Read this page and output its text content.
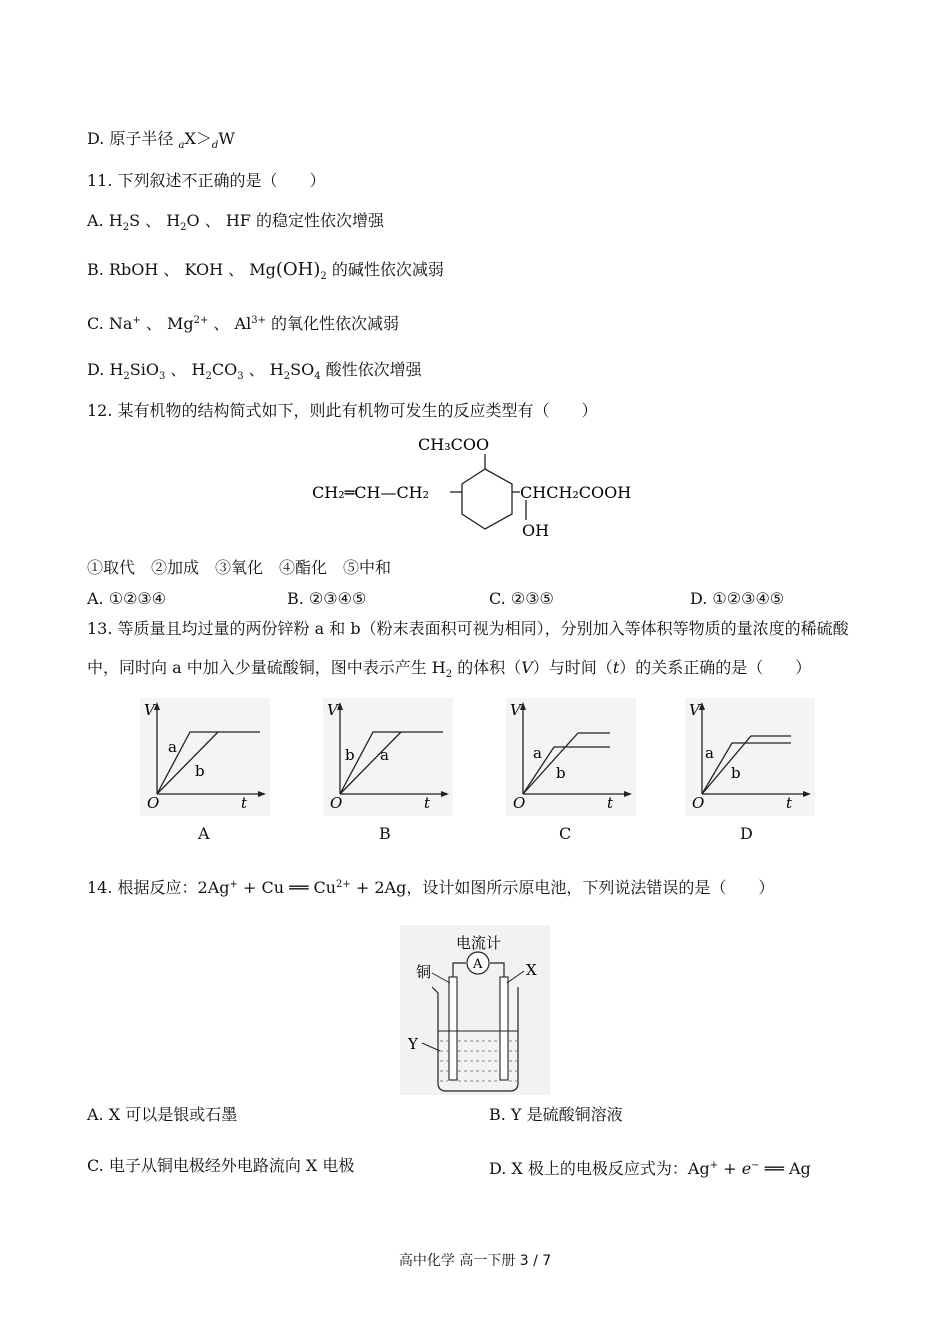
D. 原子半径 $_aX>_dW$
11. 下列叙述不正确的是（　　）
A. $H_2S$ 、 $H_2O$ 、 HF 的稳定性依次增强
B. RbOH 、 KOH 、 $Mg(OH)_2$ 的碱性依次减弱
C. Na+ 、 $Mg^{2+}$ 、 $Al^{3+}$ 的氧化性依次减弱
D. $H_2SiO_3$ 、 $H_2CO_3$ 、 $H_2SO_4$ 酸性依次增强
12. 某有机物的结构简式如下，则此有机物可发生的反应类型有（　　）
CH₃COO
CH₂═CH—CH₂	CHCH₂COOH
OH
①取代　②加成　③氧化　④酯化　⑤中和
A. ①②③④	B. ②③④⑤	C. ②③⑤	D. ①②③④⑤
13. 等质量且均过量的两份锌粉 a 和 b（粉末表面积可视为相同），分别加入等体积等物质的量浓度的稀硫酸
中，同时向 a 中加入少量硫酸铜，图中表示产生 $H_2$ 的体积（V）与时间（t）的关系正确的是（　　）
V
O	t
a
b
A
V
O	t
b a
B
V
O	t
a
b
C
V
O	t
a
b
D
14. 根据反应：2Ag+ + Cu ══ $Cu^{2+} + 2Ag$，设计如图所示原电池，下列说法错误的是（　　）
电流计
A
铜	X
Y
A. X 可以是银或石墨	B. Y 是硫酸铜溶液
C. 电子从铜电极经外电路流向 X 电极	D. X 极上的电极反应式为：Ag+ + e− ══ Ag
高中化学 高一下册 3 / 7
